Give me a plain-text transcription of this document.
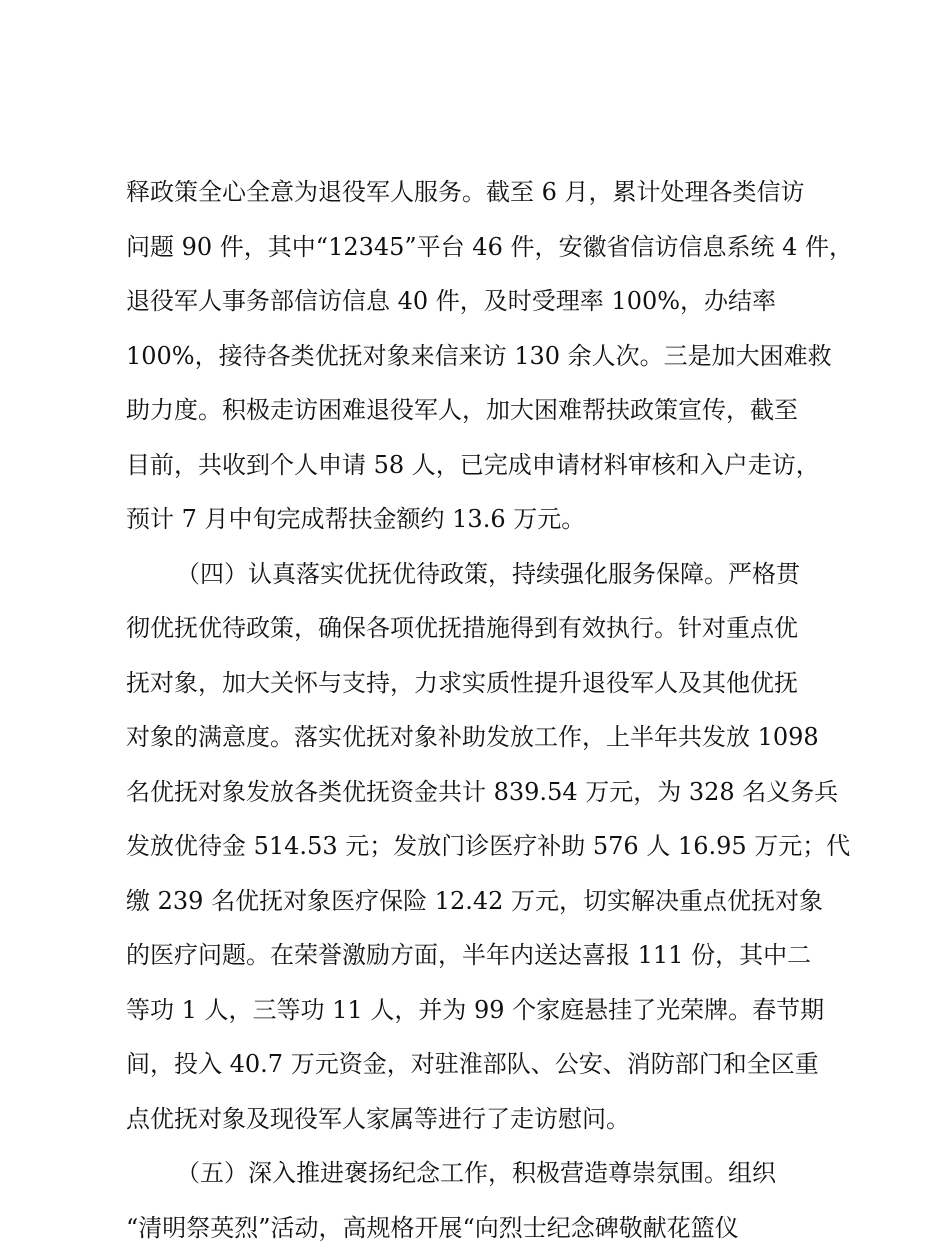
释政策全心全意为退役军人服务。截至 6 月，累计处理各类信访
问题 90 件，其中“12345”平台 46 件，安徽省信访信息系统 4 件，
退役军人事务部信访信息 40 件，及时受理率 100%，办结率
100%，接待各类优抚对象来信来访 130 余人次。三是加大困难救
助力度。积极走访困难退役军人，加大困难帮扶政策宣传，截至
目前，共收到个人申请 58 人，已完成申请材料审核和入户走访，
预计 7 月中旬完成帮扶金额约 13.6 万元。
（四）认真落实优抚优待政策，持续强化服务保障。严格贯
彻优抚优待政策，确保各项优抚措施得到有效执行。针对重点优
抚对象，加大关怀与支持，力求实质性提升退役军人及其他优抚
对象的满意度。落实优抚对象补助发放工作，上半年共发放 1098
名优抚对象发放各类优抚资金共计 839.54 万元，为 328 名义务兵
发放优待金 514.53 元；发放门诊医疗补助 576 人 16.95 万元；代
缴 239 名优抚对象医疗保险 12.42 万元，切实解决重点优抚对象
的医疗问题。在荣誉激励方面，半年内送达喜报 111 份，其中二
等功 1 人，三等功 11 人，并为 99 个家庭悬挂了光荣牌。春节期
间，投入 40.7 万元资金，对驻淮部队、公安、消防部门和全区重
点优抚对象及现役军人家属等进行了走访慰问。
（五）深入推进褒扬纪念工作，积极营造尊崇氛围。组织
“清明祭英烈”活动，高规格开展“向烈士纪念碑敬献花篮仪
